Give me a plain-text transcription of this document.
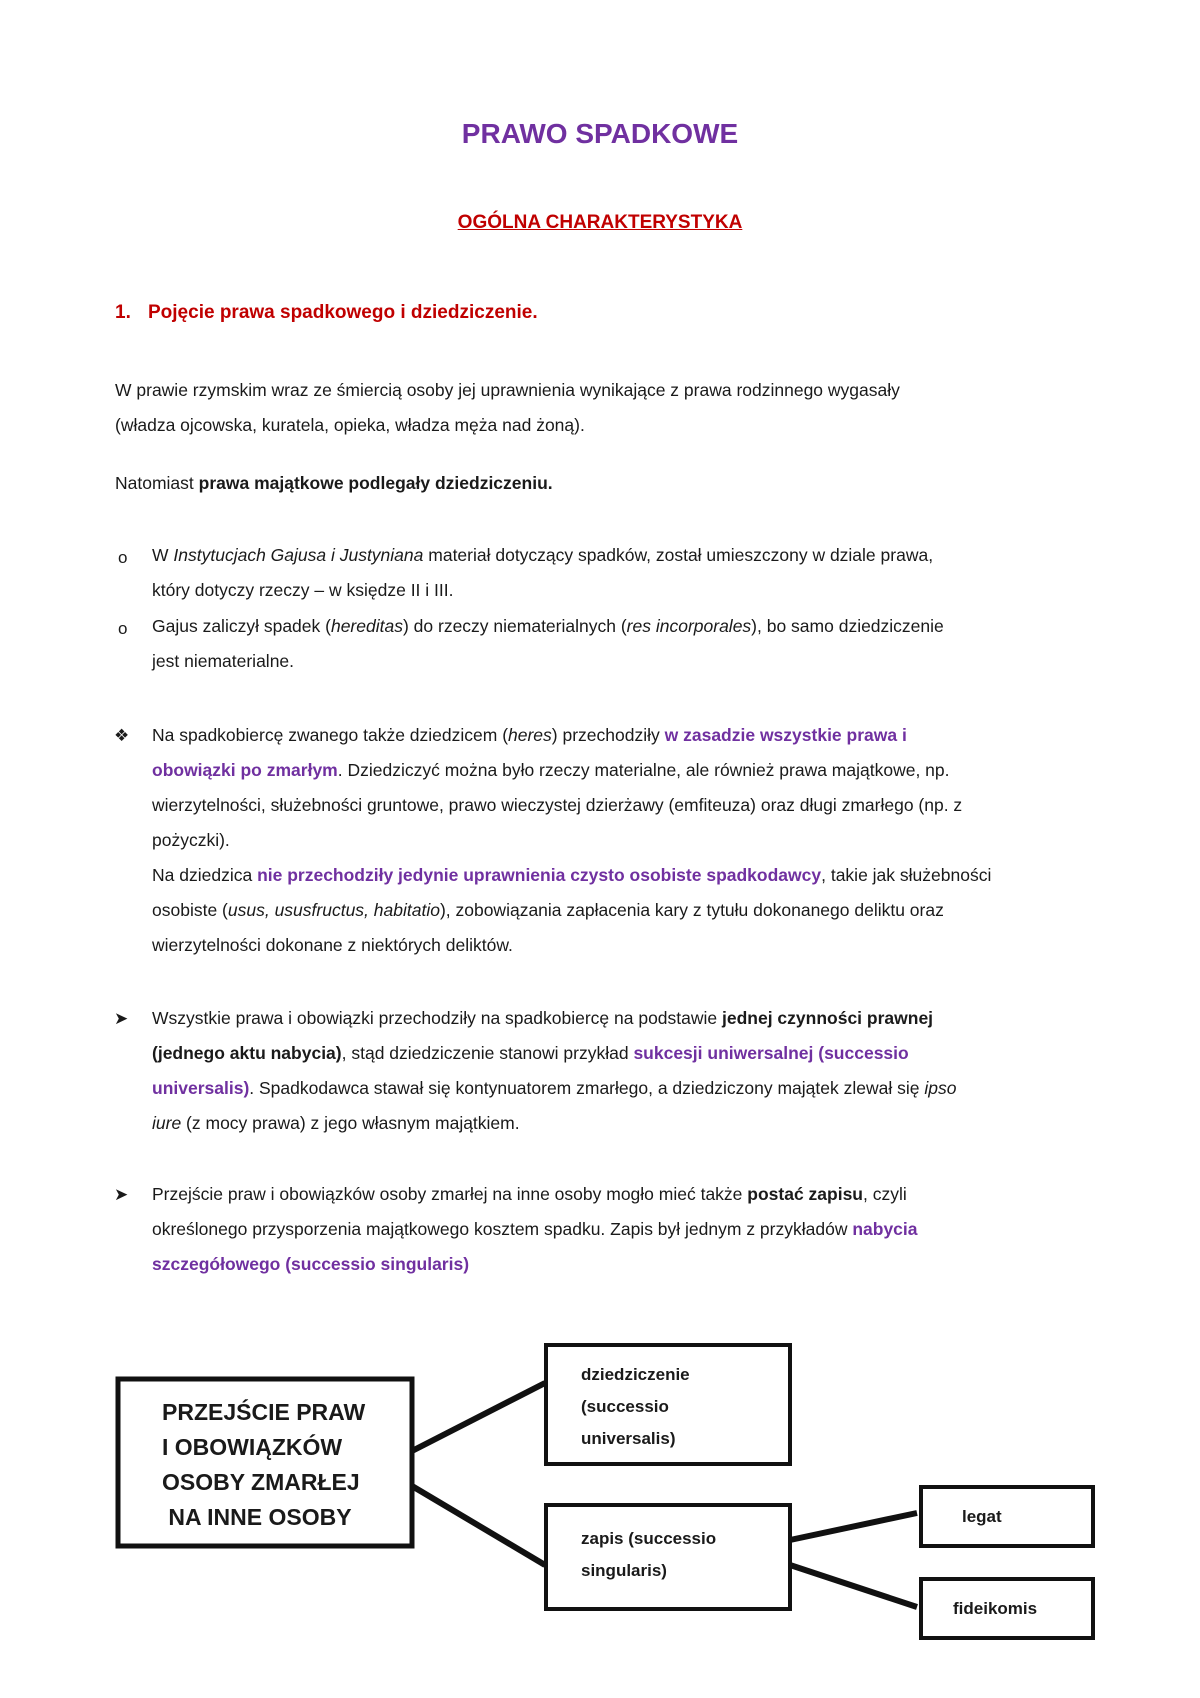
PRAWO SPADKOWE
OGÓLNA CHARAKTERYSTYKA
1. Pojęcie prawa spadkowego i dziedziczenie.

W prawie rzymskim wraz ze śmiercią osoby jej uprawnienia wynikające z prawa rodzinnego wygasały

(władza ojcowska, kuratela, opieka, władza męża nad żoną).

Natomiast prawa majątkowe podlegały dziedziczeniu.

o W Instytucjach Gajusa i Justyniana materiał dotyczący spadków, został umieszczony w dziale prawa,

który dotyczy rzeczy – w księdze II i III.

o Gajus zaliczył spadek (hereditas) do rzeczy niematerialnych (res incorporales), bo samo dziedziczenie

jest niematerialne.

❖ Na spadkobiercę zwanego także dziedzicem (heres) przechodziły w zasadzie wszystkie prawa i

obowiązki po zmarłym. Dziedziczyć można było rzeczy materialne, ale również prawa majątkowe, np.

wierzytelności, służebności gruntowe, prawo wieczystej dzierżawy (emfiteuza) oraz długi zmarłego (np. z

pożyczki).

Na dziedzica nie przechodziły jedynie uprawnienia czysto osobiste spadkodawcy, takie jak służebności

osobiste (usus, ususfructus, habitatio), zobowiązania zapłacenia kary z tytułu dokonanego deliktu oraz

wierzytelności dokonane z niektórych deliktów.

➤ Wszystkie prawa i obowiązki przechodziły na spadkobiercę na podstawie jednej czynności prawnej

(jednego aktu nabycia), stąd dziedziczenie stanowi przykład sukcesji uniwersalnej (successio

universalis). Spadkodawca stawał się kontynuatorem zmarłego, a dziedziczony majątek zlewał się ipso

iure (z mocy prawa) z jego własnym majątkiem.

➤ Przejście praw i obowiązków osoby zmarłej na inne osoby mogło mieć także postać zapisu, czyli

określonego przysporzenia majątkowego kosztem spadku. Zapis był jednym z przykładów nabycia

szczegółowego (successio singularis)

PRZEJŚCIE PRAW
I OBOWIĄZKÓW
OSOBY ZMARŁEJ
NA INNE OSOBY
dziedziczenie
(successio
universalis)
zapis (successio
singularis)
legat
fideikomis
